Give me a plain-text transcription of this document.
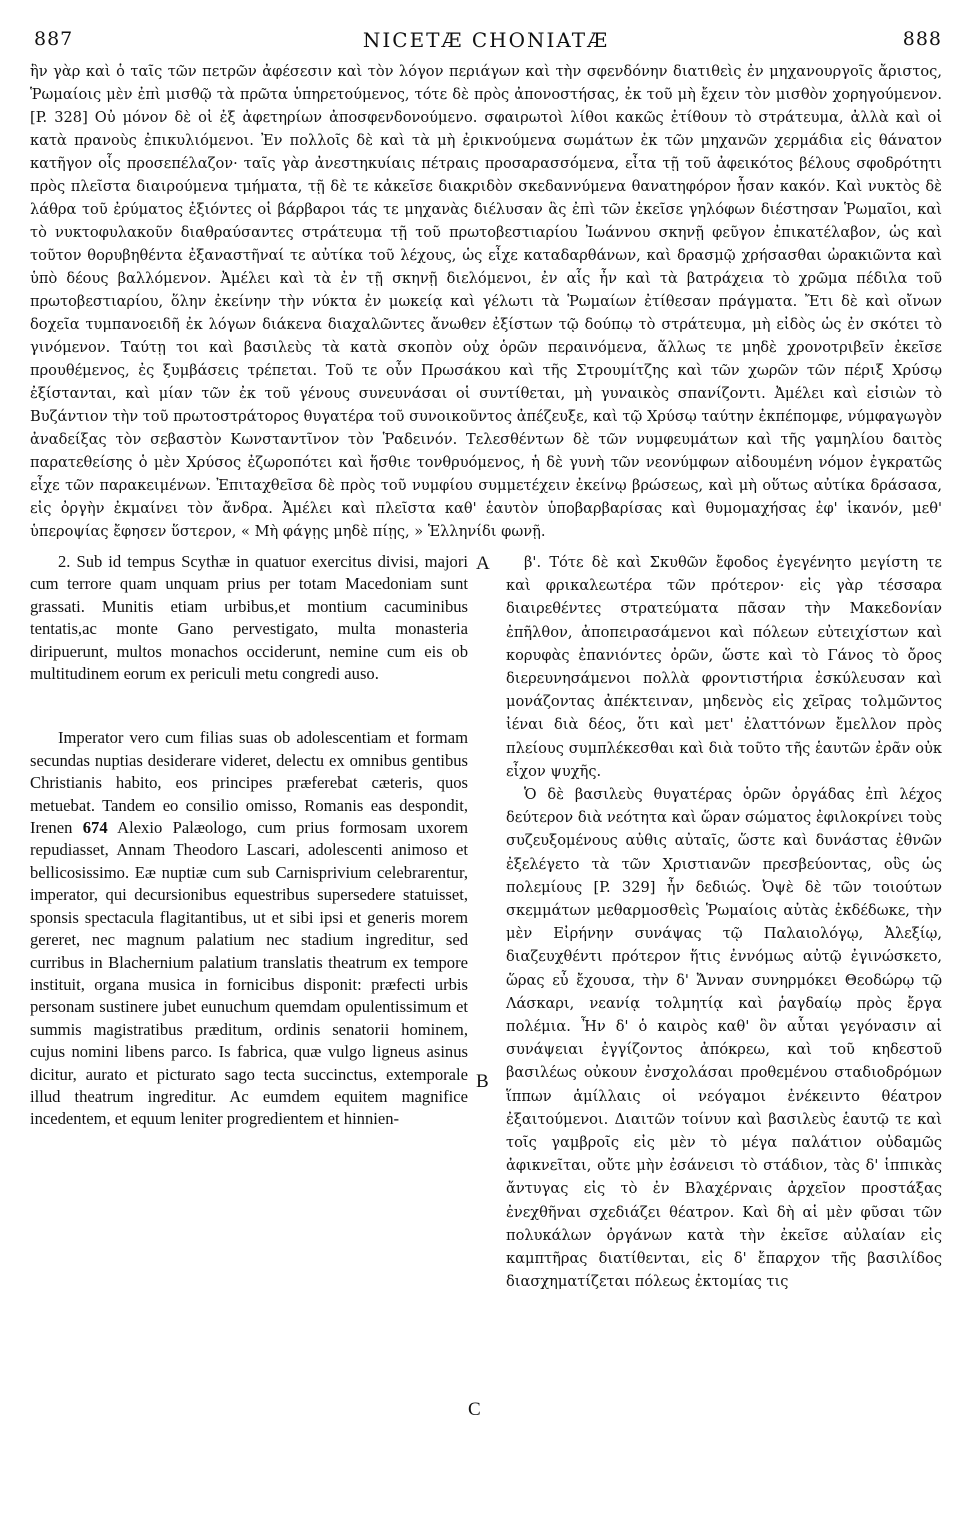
887	NICETÆ CHONIATÆ	888

ἣν γὰρ καὶ ὁ ταῖς τῶν πετρῶν ἀφέσεσιν καὶ τὸν λόγον περιάγων καὶ τὴν σφενδόνην διατιθεὶς ἐν μηχανουργοῖς ἄριστος, Ῥωμαίοις μὲν ἐπὶ μισθῷ τὰ πρῶτα ὑπηρετούμενος, τότε δὲ πρὸς ἀπονοστήσας, ἐκ τοῦ μὴ ἔχειν τὸν μισθὸν χορηγούμενον. [P. 328] Οὐ μόνον δὲ οἱ ἐξ ἀφετηρίων ἀποσφενδονούμενο. σφαιρωτοὶ λίθοι κακῶς ἐτίθουν τὸ στράτευμα, ἀλλὰ καὶ οἱ κατὰ πρανοὺς ἐπικυλιόμενοι. Ἐν πολλοῖς δὲ καὶ τὰ μὴ ἐρικνούμενα σωμάτων ἐκ τῶν μηχανῶν χερμάδια εἰς θάνατον κατῆγον οἷς προσεπέλαζον· ταῖς γὰρ ἀνεστηκυίαις πέτραις προσαρασσόμενα, εἶτα τῇ τοῦ ἀφεικότος βέλους σφοδρότητι πρὸς πλεῖστα διαιρούμενα τμήματα, τῇ δὲ τε κἀκεῖσε διακριδὸν σκεδαννύμενα θανατηφόρον ἦσαν κακόν. Καὶ νυκτὸς δὲ λάθρα τοῦ ἐρύματος ἐξιόντες οἱ βάρβαροι τάς τε μηχανὰς διέλυσαν ἃς ἐπὶ τῶν ἐκεῖσε γηλόφων διέστησαν Ῥωμαῖοι, καὶ τὸ νυκτοφυλακοῦν διαθραύσαντες στράτευμα τῇ τοῦ πρωτοβεστιαρίου Ἰωάννου σκηνῇ φεῦγον ἐπικατέλαβον, ὡς καὶ τοῦτον θορυβηθέντα ἐξαναστῆναί τε αὐτίκα τοῦ λέχους, ὡς εἶχε καταδαρθάνων, καὶ δρασμῷ χρήσασθαι ὠρακιῶντα καὶ ὑπὸ δέους βαλλόμενον. Ἀμέλει καὶ τὰ ἐν τῇ σκηνῇ διελόμενοι, ἐν αἷς ἦν καὶ τὰ βατράχεια τὸ χρῶμα πέδιλα τοῦ πρωτοβεστιαρίου, ὅλην ἐκείνην τὴν νύκτα ἐν μωκείᾳ καὶ γέλωτι τὰ Ῥωμαίων ἐτίθεσαν πράγματα. Ἔτι δὲ καὶ οἴνων δοχεῖα τυμπανοειδῆ ἐκ λόγων διάκενα διαχαλῶντες ἄνωθεν ἐξίστων τῷ δούπῳ τὸ στράτευμα, μὴ εἰδὸς ὡς ἐν σκότει τὸ γινόμενον. Ταύτῃ τοι καὶ βασιλεὺς τὰ κατὰ σκοπὸν οὐχ ὁρῶν περαινόμενα, ἄλλως τε μηδὲ χρονοτριβεῖν ἐκεῖσε προυθέμενος, ἐς ξυμβάσεις τρέπεται. Τοῦ τε οὖν Πρωσάκου καὶ τῆς Στρουμίτζης καὶ τῶν χωρῶν τῶν πέριξ Χρύσῳ ἐξίστανται, καὶ μίαν τῶν ἐκ τοῦ γένους συνευνάσαι οἱ συντίθεται, μὴ γυναικὸς σπανίζοντι. Ἀμέλει καὶ εἰσιὼν τὸ Βυζάντιον τὴν τοῦ πρωτοστράτορος θυγατέρα τοῦ συνοικοῦντος ἀπέζευξε, καὶ τῷ Χρύσῳ ταύτην ἐκπέπομφε, νύμφαγωγὸν ἀναδείξας τὸν σεβαστὸν Κωνσταντῖνον τὸν Ῥαδεινόν. Τελεσθέντων δὲ τῶν νυμφευμάτων καὶ τῆς γαμηλίου δαιτὸς παρατεθείσης ὁ μὲν Χρύσος ἐζωροπότει καὶ ἥσθιε τονθρυόμενος, ἡ δὲ γυνὴ τῶν νεονύμφων αἰδουμένη νόμον ἐγκρατῶς εἶχε τῶν παρακειμένων. Ἐπιταχθεῖσα δὲ πρὸς τοῦ νυμφίου συμμετέχειν ἐκείνῳ βρώσεως, καὶ μὴ οὕτως αὐτίκα δράσασα, εἰς ὀργὴν ἐκμαίνει τὸν ἄνδρα. Ἀμέλει καὶ πλεῖστα καθ' ἑαυτὸν ὑποβαρβαρίσας καὶ θυμομαχήσας ἐφ' ἱκανόν, μεθ' ὑπεροψίας ἔφησεν ὕστερον, « Μὴ φάγῃς μηδὲ πίῃς, » Ἑλληνίδι φωνῇ.

2. Sub id tempus Scythæ in quatuor exercitus divisi, majori cum terrore quam unquam prius per totam Macedoniam sunt grassati. Munitis etiam urbibus,et montium cacuminibus tentatis,ac monte Gano pervestigato, multa monasteria diripuerunt, multos monachos occiderunt, nemine cum eis ob multitudinem eorum ex periculi metu congredi auso.

Imperator vero cum filias suas ob adolescentiam et formam secundas nuptias desiderare videret, delectu ex omnibus gentibus Christianis habito, eos principes præferebat cæteris, quos metuebat. Tandem eo consilio omisso, Romanis eas despondit, Irenen 674 Alexio Palæologo, cum prius formosam uxorem repudiasset, Annam Theodoro Lascari, adolescenti animoso et bellicosissimo. Eæ nuptiæ cum sub Carnisprivium celebrarentur, imperator, qui decursionibus equestribus supersedere statuisset, sponsis spectacula flagitantibus, ut et sibi ipsi et generis morem gereret, nec magnum palatium nec stadium ingreditur, sed curribus in Blachernium palatium translatis theatrum ex tempore instituit, organa musica in fornicibus disponit: præfecti urbis personam sustinere jubet eunuchum quemdam opulentissimum et summis magistratibus præditum, ordinis senatorii hominem, cujus nomini libens parco. Is fabrica, quæ vulgo ligneus asinus dicitur, aurato et picturato sago tecta succinctus, extemporale illud theatrum ingreditur. Ac eumdem equitem magnifice incedentem, et equum leniter progredientem et hinnien-

A
B
C

β'. Τότε δὲ καὶ Σκυθῶν ἔφοδος ἐγεγένητο μεγίστη τε καὶ φρικαλεωτέρα τῶν πρότερον· εἰς γὰρ τέσσαρα διαιρεθέντες στρατεύματα πᾶσαν τὴν Μακεδονίαν ἐπῆλθον, ἀποπειρασάμενοι καὶ πόλεων εὐτειχίστων καὶ κορυφὰς ἐπανιόντες ὀρῶν, ὥστε καὶ τὸ Γάνος τὸ ὄρος διερευνησάμενοι πολλὰ φροντιστήρια ἐσκύλευσαν καὶ μονάζοντας ἀπέκτειναν, μηδενὸς εἰς χεῖρας τολμῶντος ἰέναι διὰ δέος, ὅτι καὶ μετ' ἐλαττόνων ἔμελλον πρὸς πλείους συμπλέκεσθαι καὶ διὰ τοῦτο τῆς ἑαυτῶν ἐρᾶν οὐκ εἶχον ψυχῆς.

Ὁ δὲ βασιλεὺς θυγατέρας ὁρῶν ὀργάδας ἐπὶ λέχος δεύτερον διὰ νεότητα καὶ ὥραν σώματος ἐφιλοκρίνει τοὺς συζευξομένους αὐθις αὐταῖς, ὥστε καὶ δυνάστας ἐθνῶν ἐξελέγετο τὰ τῶν Χριστιανῶν πρεσβεύοντας, οὓς ὡς πολεμίους [P. 329] ἦν δεδιώς. Ὀψὲ δὲ τῶν τοιούτων σκεμμάτων μεθαρμοσθεὶς Ῥωμαίοις αὐτὰς ἐκδέδωκε, τὴν μὲν Εἰρήνην συνάψας τῷ Παλαιολόγῳ, Ἀλεξίῳ, διαζευχθέντι πρότερον ἥτις ἐννόμως αὐτῷ ἐγινώσκετο, ὥρας εὖ ἔχουσα, τὴν δ' Ἄνναν συνηρμόκει Θεοδώρῳ τῷ Λάσκαρι, νεανίᾳ τολμητίᾳ καὶ ῥαγδαίῳ πρὸς ἔργα πολέμια. Ἦν δ' ὁ καιρὸς καθ' ὃν αὗται γεγόνασιν αἱ συνάψειαι ἐγγίζοντος ἀπόκρεω, καὶ τοῦ κηδεστοῦ βασιλέως οὐκουν ἐνσχολάσαι προθεμένου σταδιοδρόμων ἵππων ἁμίλλαις οἱ νεόγαμοι ἐνέκειντο θέατρον ἐξαιτούμενοι. Διαιτῶν τοίνυν καὶ βασιλεὺς ἑαυτῷ τε καὶ τοῖς γαμβροῖς εἰς μὲν τὸ μέγα παλάτιον οὐδαμῶς ἀφικνεῖται, οὔτε μὴν ἐσάνεισι τὸ στάδιον, τὰς δ' ἱππικὰς ἄντυγας εἰς τὸ ἐν Βλαχέρναις ἀρχεῖον προστάξας ἐνεχθῆναι σχεδιάζει θέατρον. Καὶ δὴ αἱ μὲν φῦσαι τῶν πολυκάλων ὀργάνων κατὰ τὴν ἐκεῖσε αὐλαίαν εἰς καμπτῆρας διατίθενται, εἰς δ' ἔπαρχον τῆς βασιλίδος διασχηματίζεται πόλεως ἐκτομίας τις
